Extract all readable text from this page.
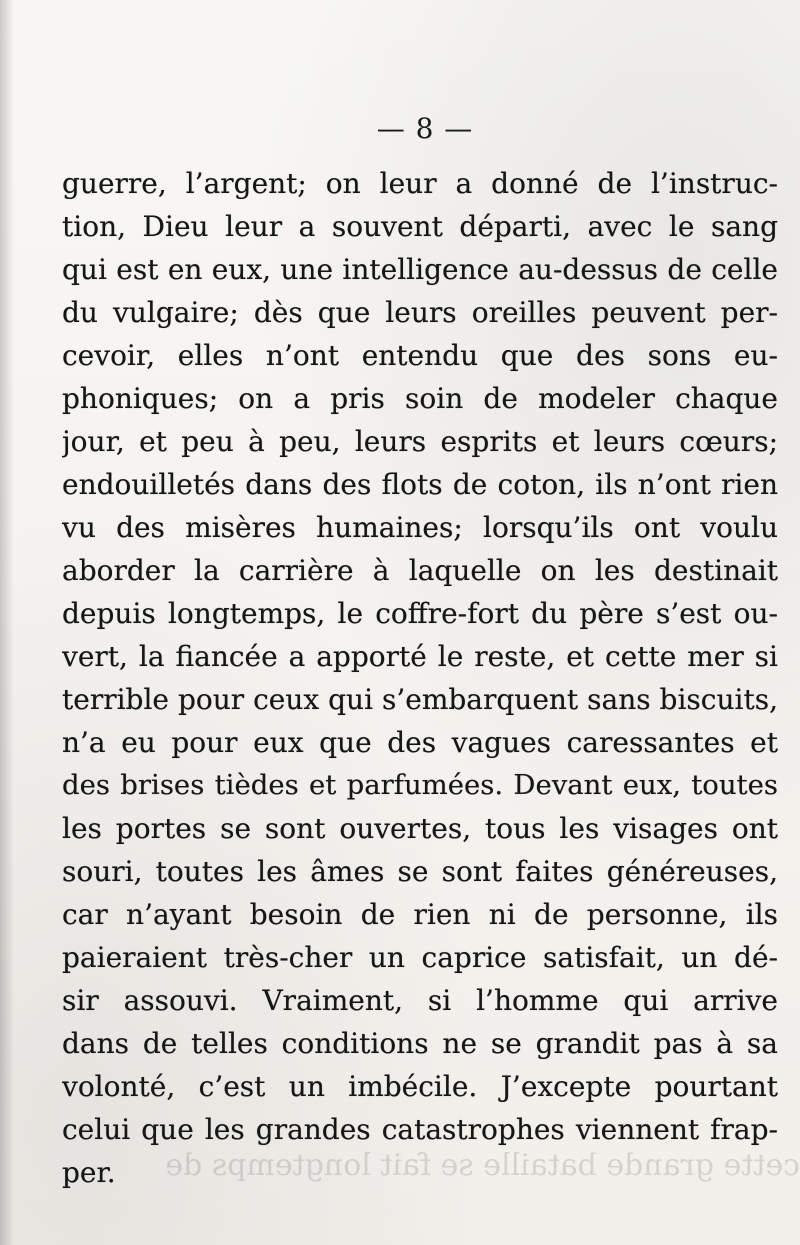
cette grande bataille se fait longtemps de
— 8 —
guerre, l’argent; on leur a donné de l’instruc-
tion, Dieu leur a souvent départi, avec le sang
qui est en eux, une intelligence au-dessus de celle
du vulgaire; dès que leurs oreilles peuvent per-
cevoir, elles n’ont entendu que des sons eu-
phoniques; on a pris soin de modeler chaque
jour, et peu à peu, leurs esprits et leurs cœurs;
endouilletés dans des flots de coton, ils n’ont rien
vu des misères humaines; lorsqu’ils ont voulu
aborder la carrière à laquelle on les destinait
depuis longtemps, le coffre-fort du père s’est ou-
vert, la fiancée a apporté le reste, et cette mer si
terrible pour ceux qui s’embarquent sans biscuits,
n’a eu pour eux que des vagues caressantes et
des brises tièdes et parfumées. Devant eux, toutes
les portes se sont ouvertes, tous les visages ont
souri, toutes les âmes se sont faites généreuses,
car n’ayant besoin de rien ni de personne, ils
paieraient très-cher un caprice satisfait, un dé-
sir assouvi. Vraiment, si l’homme qui arrive
dans de telles conditions ne se grandit pas à sa
volonté, c’est un imbécile. J’excepte pourtant
celui que les grandes catastrophes viennent frap-
per.
